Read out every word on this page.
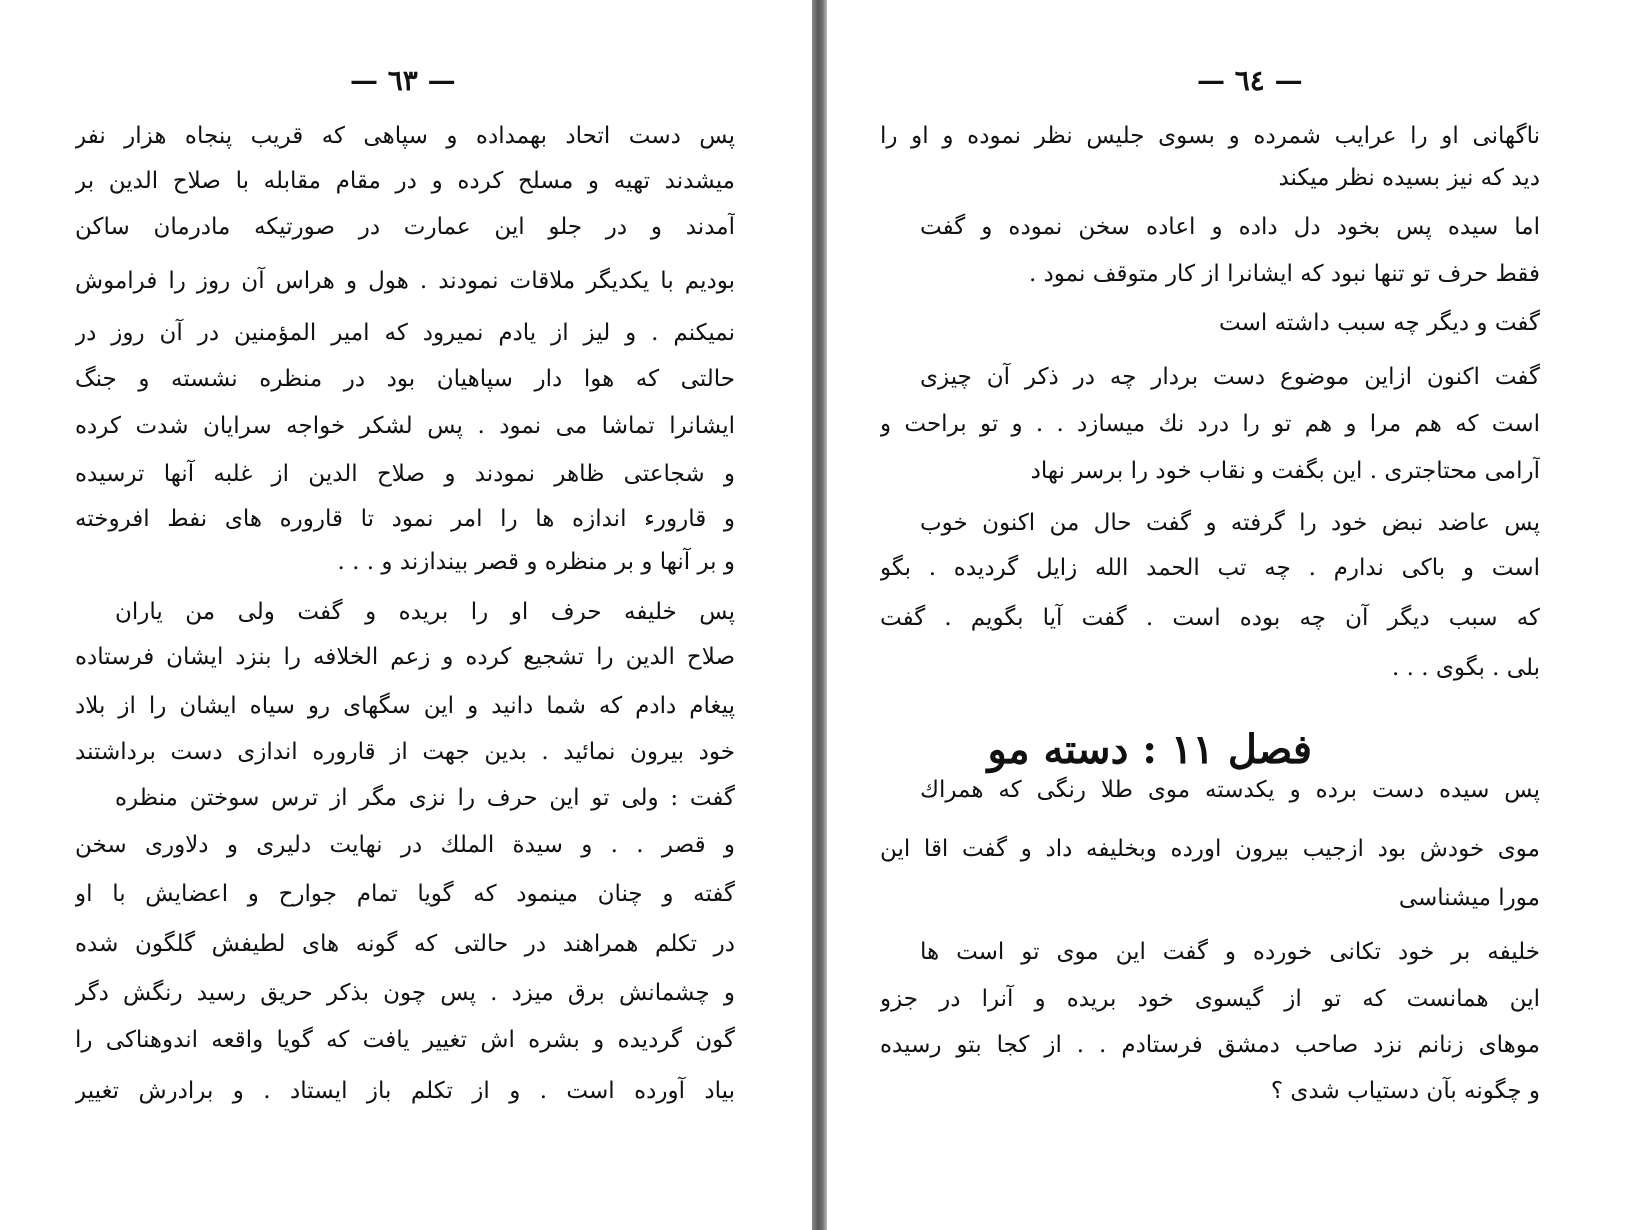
— ٦٣ —
پس دست اتحاد بهمداده و سپاهی که قریب پنجاه هزار نفر
میشدند تهیه و مسلح کرده و در مقام مقابله با صلاح الدین بر
آمدند و در جلو این عمارت در صورتیکه مادرمان ساکن
بودیم با یکدیگر ملاقات نمودند . هول و هراس آن روز را فراموش
نمیکنم . و لیز از یادم نمیرود که امیر المؤمنین در آن روز در
حالتی که هوا دار سپاهیان بود در منظره نشسته و جنگ
ایشانرا تماشا می نمود . پس لشکر خواجه سرایان شدت کرده
و شجاعتی ظاهر نمودند و صلاح الدین از غلبه آنها ترسیده
و قارورء اندازه ها را امر نمود تا قاروره های نفط افروخته
و بر آنها و بر منظره و قصر بیندازند و . . .
پس خلیفه حرف او را بریده و گفت ولی من یاران
صلاح الدین را تشجیع کرده و زعم الخلافه را بنزد ایشان فرستاده
پیغام دادم که شما دانید و این سگهای رو سیاه ایشان را از بلاد
خود بیرون نمائید . بدین جهت از قاروره اندازی دست برداشتند
گفت : ولی تو این حرف را نزی مگر از ترس سوختن منظره
و قصر . . و سیدة الملك در نهایت دلیری و دلاوری سخن
گفته و چنان مینمود که گویا تمام جوارح و اعضایش با او
در تکلم همراهند در حالتی که گونه های لطیفش گلگون شده
و چشمانش برق میزد . پس چون بذکر حریق رسید رنگش دگر
گون گردیده و بشره اش تغییر یافت که گویا واقعه اندوهناکی را
بیاد آورده است . و از تکلم باز ایستاد . و برادرش تغییر
— ٦٤ —
ناگهانی او را عرایب شمرده و بسوی جلیس نظر نموده و او را
دید که نیز بسیده نظر میکند
اما سیده پس بخود دل داده و اعاده سخن نموده و گفت
فقط حرف تو تنها نبود که ایشانرا از کار متوقف نمود .
گفت و دیگر چه سبب داشته است
گفت اکنون ازاین موضوع دست بردار چه در ذکر آن چیزی
است که هم مرا و هم تو را درد نك میسازد . . و تو براحت و
آرامی محتاجتری . این بگفت و نقاب خود را برسر نهاد
پس عاضد نبض خود را گرفته و گفت حال من اکنون خوب
است و باکی ندارم . چه تب الحمد الله زایل گردیده . بگو
که سبب دیگر آن چه بوده است . گفت آیا بگویم . گفت
بلی . بگوی . . .
فصل ١١ : دسته مو
پس سیده دست برده و یکدسته موی طلا رنگی که همراك
موی خودش بود ازجیب بیرون اورده وبخلیفه داد و گفت اقا این
مورا میشناسی
خلیفه بر خود تکانی خورده و گفت این موی تو است ها
این همانست که تو از گیسوی خود بریده و آنرا در جزو
موهای زنانم نزد صاحب دمشق فرستادم . . از کجا بتو رسیده
و چگونه بآن دستیاب شدی ؟
